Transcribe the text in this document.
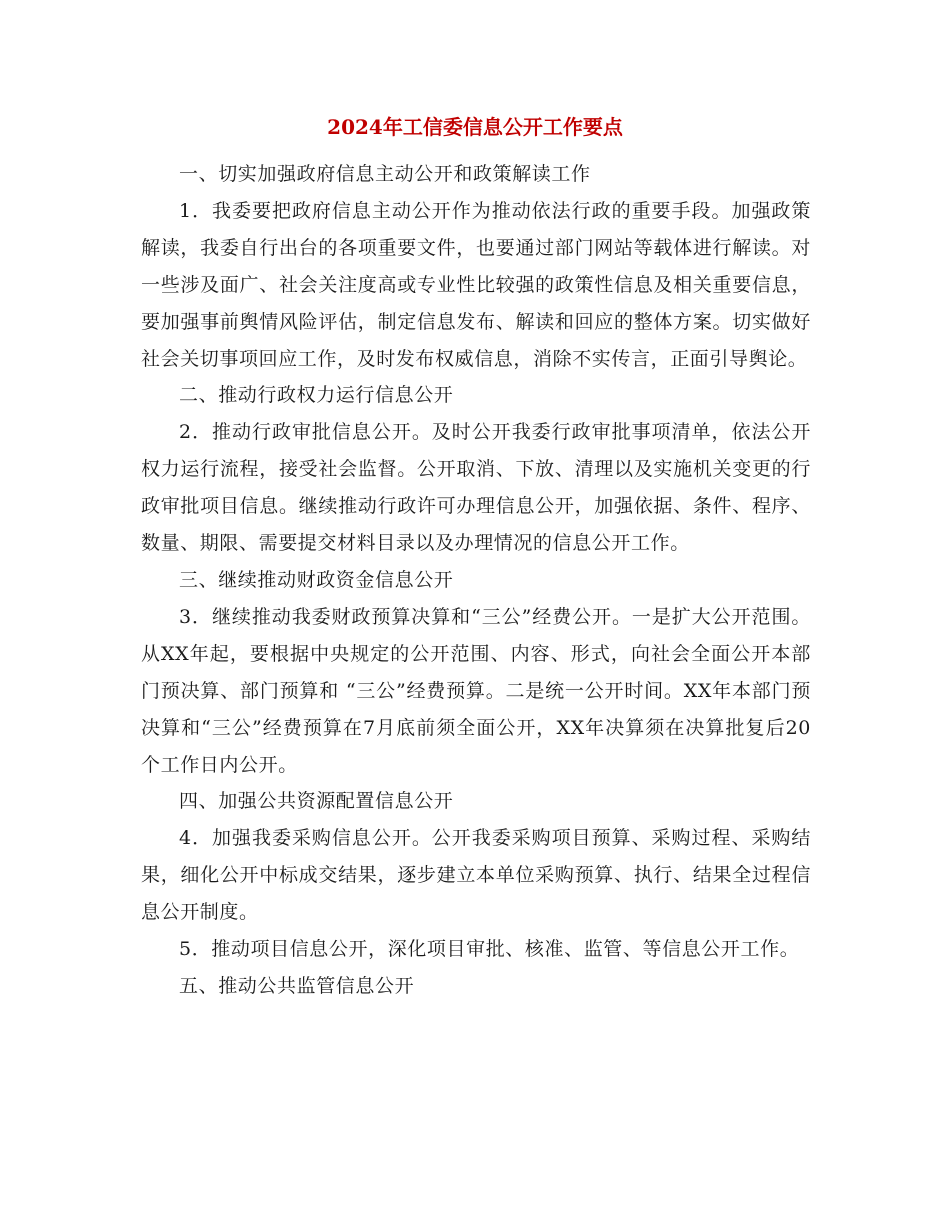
2024年工信委信息公开工作要点

一、切实加强政府信息主动公开和政策解读工作

1．我委要把政府信息主动公开作为推动依法行政的重要手段。加强政策解读，我委自行出台的各项重要文件，也要通过部门网站等载体进行解读。对一些涉及面广、社会关注度高或专业性比较强的政策性信息及相关重要信息，要加强事前舆情风险评估，制定信息发布、解读和回应的整体方案。切实做好社会关切事项回应工作，及时发布权威信息，消除不实传言，正面引导舆论。

二、推动行政权力运行信息公开

2．推动行政审批信息公开。及时公开我委行政审批事项清单，依法公开权力运行流程，接受社会监督。公开取消、下放、清理以及实施机关变更的行政审批项目信息。继续推动行政许可办理信息公开，加强依据、条件、程序、数量、期限、需要提交材料目录以及办理情况的信息公开工作。

三、继续推动财政资金信息公开

3．继续推动我委财政预算决算和“三公”经费公开。一是扩大公开范围。从XX年起，要根据中央规定的公开范围、内容、形式，向社会全面公开本部门预决算、部门预算和 “三公”经费预算。二是统一公开时间。XX年本部门预决算和“三公”经费预算在7月底前须全面公开，XX年决算须在决算批复后20个工作日内公开。

四、加强公共资源配置信息公开

4．加强我委采购信息公开。公开我委采购项目预算、采购过程、采购结果，细化公开中标成交结果，逐步建立本单位采购预算、执行、结果全过程信息公开制度。

5．推动项目信息公开，深化项目审批、核准、监管、等信息公开工作。

五、推动公共监管信息公开
